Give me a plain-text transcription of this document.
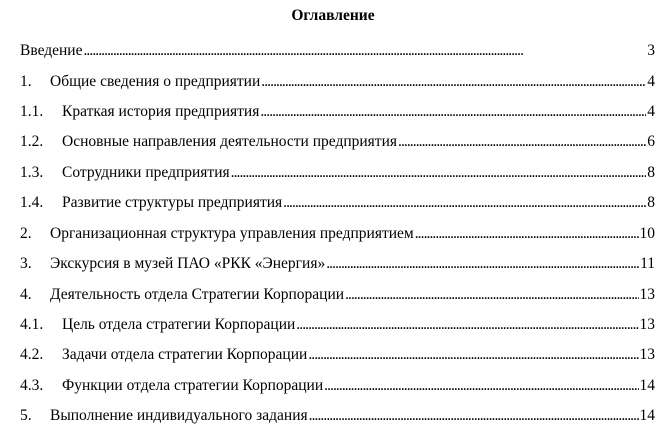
Оглавление
Введение . . .	3
1.	Общие сведения о предприятии . . .	4
1.1.	Краткая история предприятия . . .	4
1.2.	Основные направления деятельности предприятия . . .	6
1.3.	Сотрудники предприятия . . .	8
1.4.	Развитие структуры предприятия . . .	8
2.	Организационная структура управления предприятием . . .	10
3.	Экскурсия в музей ПАО «РКК «Энергия» . . .	11
4.	Деятельность отдела Стратегии Корпорации . . .	13
4.1.	Цель отдела стратегии Корпорации . . .	13
4.2.	Задачи отдела стратегии Корпорации . . .	13
4.3.	Функции отдела стратегии Корпорации . . .	14
5.	Выполнение индивидуального задания . . .	14
